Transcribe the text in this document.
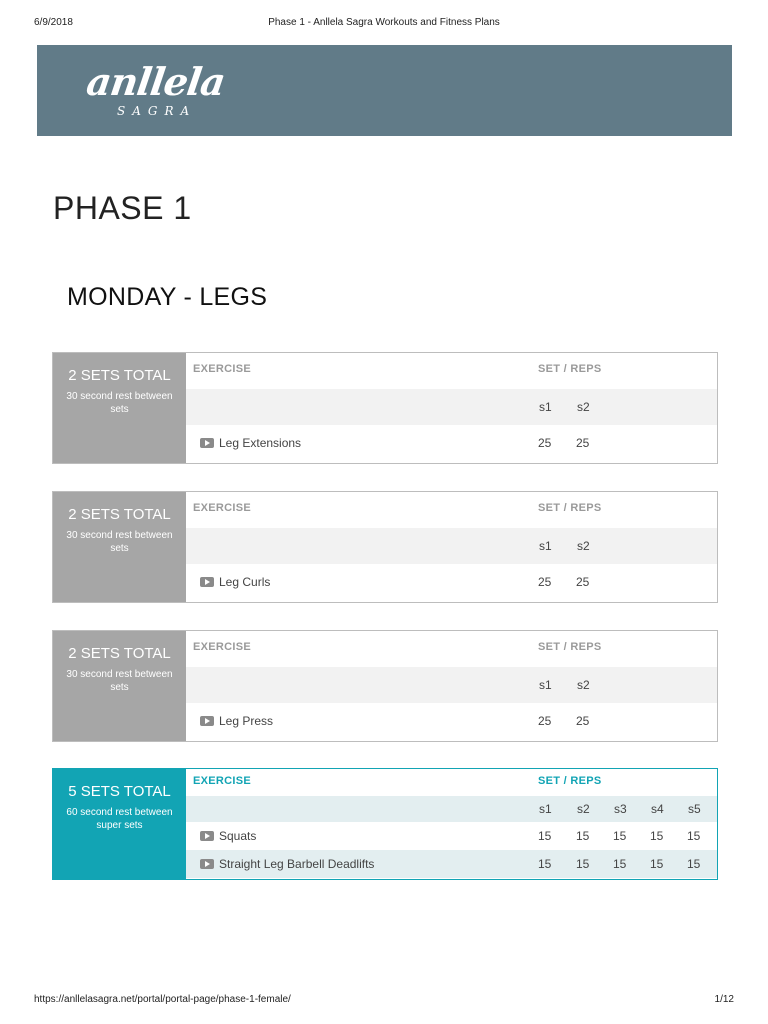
6/9/2018	Phase 1 - Anllela Sagra Workouts and Fitness Plans
anllela
SAGRA
PHASE 1
MONDAY - LEGS
2 SETS TOTAL
30 second rest between sets
EXERCISE	SET / REPS
s1 s2
Leg Extensions	25 25
2 SETS TOTAL
30 second rest between sets
EXERCISE	SET / REPS
s1 s2
Leg Curls	25 25
2 SETS TOTAL
30 second rest between sets
EXERCISE	SET / REPS
s1 s2
Leg Press	25 25
5 SETS TOTAL
60 second rest between super sets
EXERCISE	SET / REPS
s1 s2 s3 s4 s5
Squats	15 15 15 15 15
Straight Leg Barbell Deadlifts	15 15 15 15 15
https://anllelasagra.net/portal/portal-page/phase-1-female/	1/12
